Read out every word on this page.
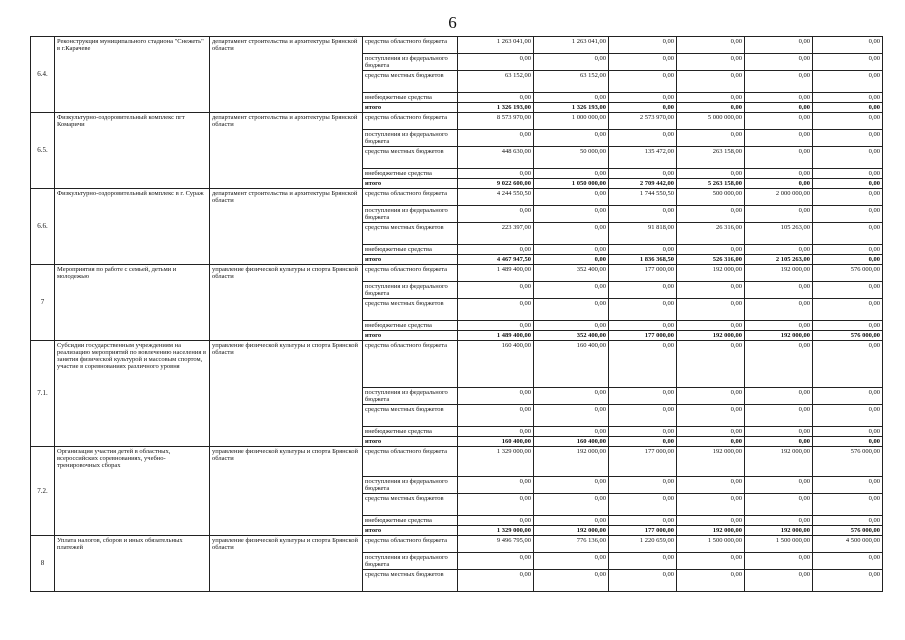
6
6.4.	Реконструкция муниципального стадиона "Снежеть" в г.Карачеве	департамент строительства и архитектуры Брянской области	средства областного бюджета	1 263 041,00	1 263 041,00	0,00	0,00	0,00	0,00
			поступления из федерального бюджета	0,00	0,00	0,00	0,00	0,00	0,00
			средства местных бюджетов	63 152,00	63 152,00	0,00	0,00	0,00	0,00
			внебюджетные средства	0,00	0,00	0,00	0,00	0,00	0,00
			итого	1 326 193,00	1 326 193,00	0,00	0,00	0,00	0,00
6.5.	Физкультурно-оздоровительный комплекс пгт Комаричи	департамент строительства и архитектуры Брянской области	средства областного бюджета	8 573 970,00	1 000 000,00	2 573 970,00	5 000 000,00	0,00	0,00
			поступления из федерального бюджета	0,00	0,00	0,00	0,00	0,00	0,00
			средства местных бюджетов	448 630,00	50 000,00	135 472,00	263 158,00	0,00	0,00
			внебюджетные средства	0,00	0,00	0,00	0,00	0,00	0,00
			итого	9 022 600,00	1 050 000,00	2 709 442,00	5 263 158,00	0,00	0,00
6.6.	Физкультурно-оздоровительный комплекс в г. Сураж	департамент строительства и архитектуры Брянской области	средства областного бюджета	4 244 550,50	0,00	1 744 550,50	500 000,00	2 000 000,00	0,00
			поступления из федерального бюджета	0,00	0,00	0,00	0,00	0,00	0,00
			средства местных бюджетов	223 397,00	0,00	91 818,00	26 316,00	105 263,00	0,00
			внебюджетные средства	0,00	0,00	0,00	0,00	0,00	0,00
			итого	4 467 947,50	0,00	1 836 368,50	526 316,00	2 105 263,00	0,00
7	Мероприятия по работе с семьей, детьми и молодежью	управление физической культуры и спорта Брянской области	средства областного бюджета	1 489 400,00	352 400,00	177 000,00	192 000,00	192 000,00	576 000,00
			поступления из федерального бюджета	0,00	0,00	0,00	0,00	0,00	0,00
			средства местных бюджетов	0,00	0,00	0,00	0,00	0,00	0,00
			внебюджетные средства	0,00	0,00	0,00	0,00	0,00	0,00
			итого	1 489 400,00	352 400,00	177 000,00	192 000,00	192 000,00	576 000,00
7.1.	Субсидии государственным учреждениям на реализацию мероприятий по вовлечению населения в занятия физической культурой и массовым спортом, участие в соревнованиях различного уровня	управление физической культуры и спорта Брянской области	средства областного бюджета	160 400,00	160 400,00	0,00	0,00	0,00	0,00
			поступления из федерального бюджета	0,00	0,00	0,00	0,00	0,00	0,00
			средства местных бюджетов	0,00	0,00	0,00	0,00	0,00	0,00
			внебюджетные средства	0,00	0,00	0,00	0,00	0,00	0,00
			итого	160 400,00	160 400,00	0,00	0,00	0,00	0,00
7.2.	Организация участия детей в областных, всероссийских соревнованиях, учебно-тренировочных сборах	управление физической культуры и спорта Брянской области	средства областного бюджета	1 329 000,00	192 000,00	177 000,00	192 000,00	192 000,00	576 000,00
			поступления из федерального бюджета	0,00	0,00	0,00	0,00	0,00	0,00
			средства местных бюджетов	0,00	0,00	0,00	0,00	0,00	0,00
			внебюджетные средства	0,00	0,00	0,00	0,00	0,00	0,00
			итого	1 329 000,00	192 000,00	177 000,00	192 000,00	192 000,00	576 000,00
8	Уплата налогов, сборов и иных обязательных платежей	управление физической культуры и спорта Брянской области	средства областного бюджета	9 496 795,00	776 136,00	1 220 659,00	1 500 000,00	1 500 000,00	4 500 000,00
			поступления из федерального бюджета	0,00	0,00	0,00	0,00	0,00	0,00
			средства местных бюджетов	0,00	0,00	0,00	0,00	0,00	0,00
